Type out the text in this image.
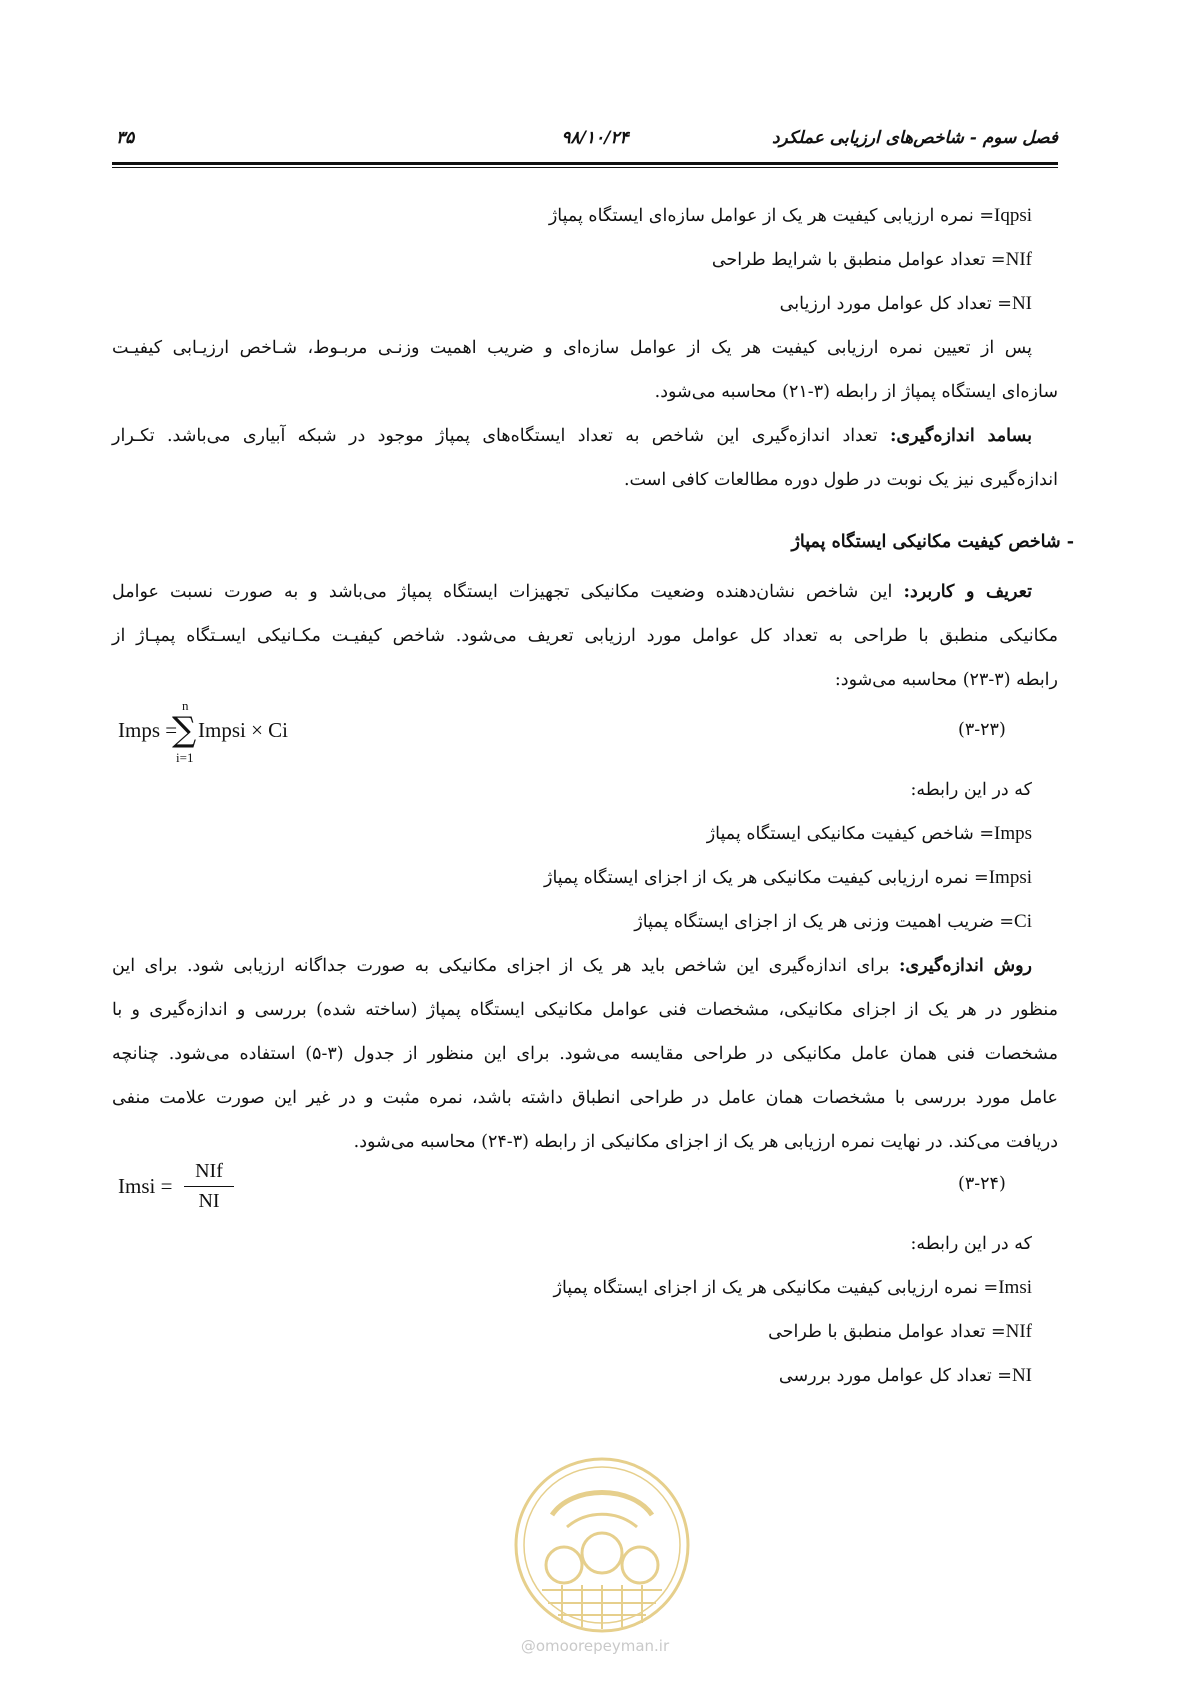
فصل سوم - شاخص‌های ارزیابی عملکرد
۹۸/۱۰/۲۴
۳۵
Iqpsi= نمره ارزیابی کیفیت هر یک از عوامل سازه‌ای ایستگاه پمپاژ
NIf= تعداد عوامل منطبق با شرایط طراحی
NI= تعداد کل عوامل مورد ارزیابی
پس از تعیین نمره ارزیابی کیفیت هر یک از عوامل سازه‌ای و ضریب اهمیت وزنـی مربـوط، شـاخص ارزیـابی کیفیـت
سازه‌ای ایستگاه پمپاژ از رابطه (۳-۲۱) محاسبه می‌شود.
بسامد اندازه‌گیری: تعداد اندازه‌گیری این شاخص به تعداد ایستگاه‌های پمپاژ موجود در شبکه آبیاری می‌باشد. تکـرار
اندازه‌گیری نیز یک نوبت در طول دوره مطالعات کافی است.
- شاخص کیفیت مکانیکی ایستگاه پمپاژ
تعریف و کاربرد: این شاخص نشان‌دهنده وضعیت مکانیکی تجهیزات ایستگاه پمپاژ می‌باشد و به صورت نسبت عوامل
مکانیکی منطبق با طراحی به تعداد کل عوامل مورد ارزیابی تعریف می‌شود. شاخص کیفیـت مکـانیکی ایسـتگاه پمپـاژ از
رابطه (۳-۲۳) محاسبه می‌شود:
Imps =
n
∑
i=1
Impsi × Ci	(۳-۲۳)
که در این رابطه:
Imps= شاخص کیفیت مکانیکی ایستگاه پمپاژ
Impsi= نمره ارزیابی کیفیت مکانیکی هر یک از اجزای ایستگاه پمپاژ
Ci= ضریب اهمیت وزنی هر یک از اجزای ایستگاه پمپاژ
روش اندازه‌گیری: برای اندازه‌گیری این شاخص باید هر یک از اجزای مکانیکی به صورت جداگانه ارزیابی شود. برای این
منظور در هر یک از اجزای مکانیکی، مشخصات فنی عوامل مکانیکی ایستگاه پمپاژ (ساخته شده) بررسی و اندازه‌گیری و با
مشخصات فنی همان عامل مکانیکی در طراحی مقایسه می‌شود. برای این منظور از جدول (۳-۵) استفاده می‌شود. چنانچه
عامل مورد بررسی با مشخصات همان عامل در طراحی انطباق داشته باشد، نمره مثبت و در غیر این صورت علامت منفی
دریافت می‌کند. در نهایت نمره ارزیابی هر یک از اجزای مکانیکی از رابطه (۳-۲۴) محاسبه می‌شود.
Imsi =
NIf
NI
(۳-۲۴)
که در این رابطه:
Imsi= نمره ارزیابی کیفیت مکانیکی هر یک از اجزای ایستگاه پمپاژ
NIf= تعداد عوامل منطبق با طراحی
NI= تعداد کل عوامل مورد بررسی
@omoorepeyman.ir
